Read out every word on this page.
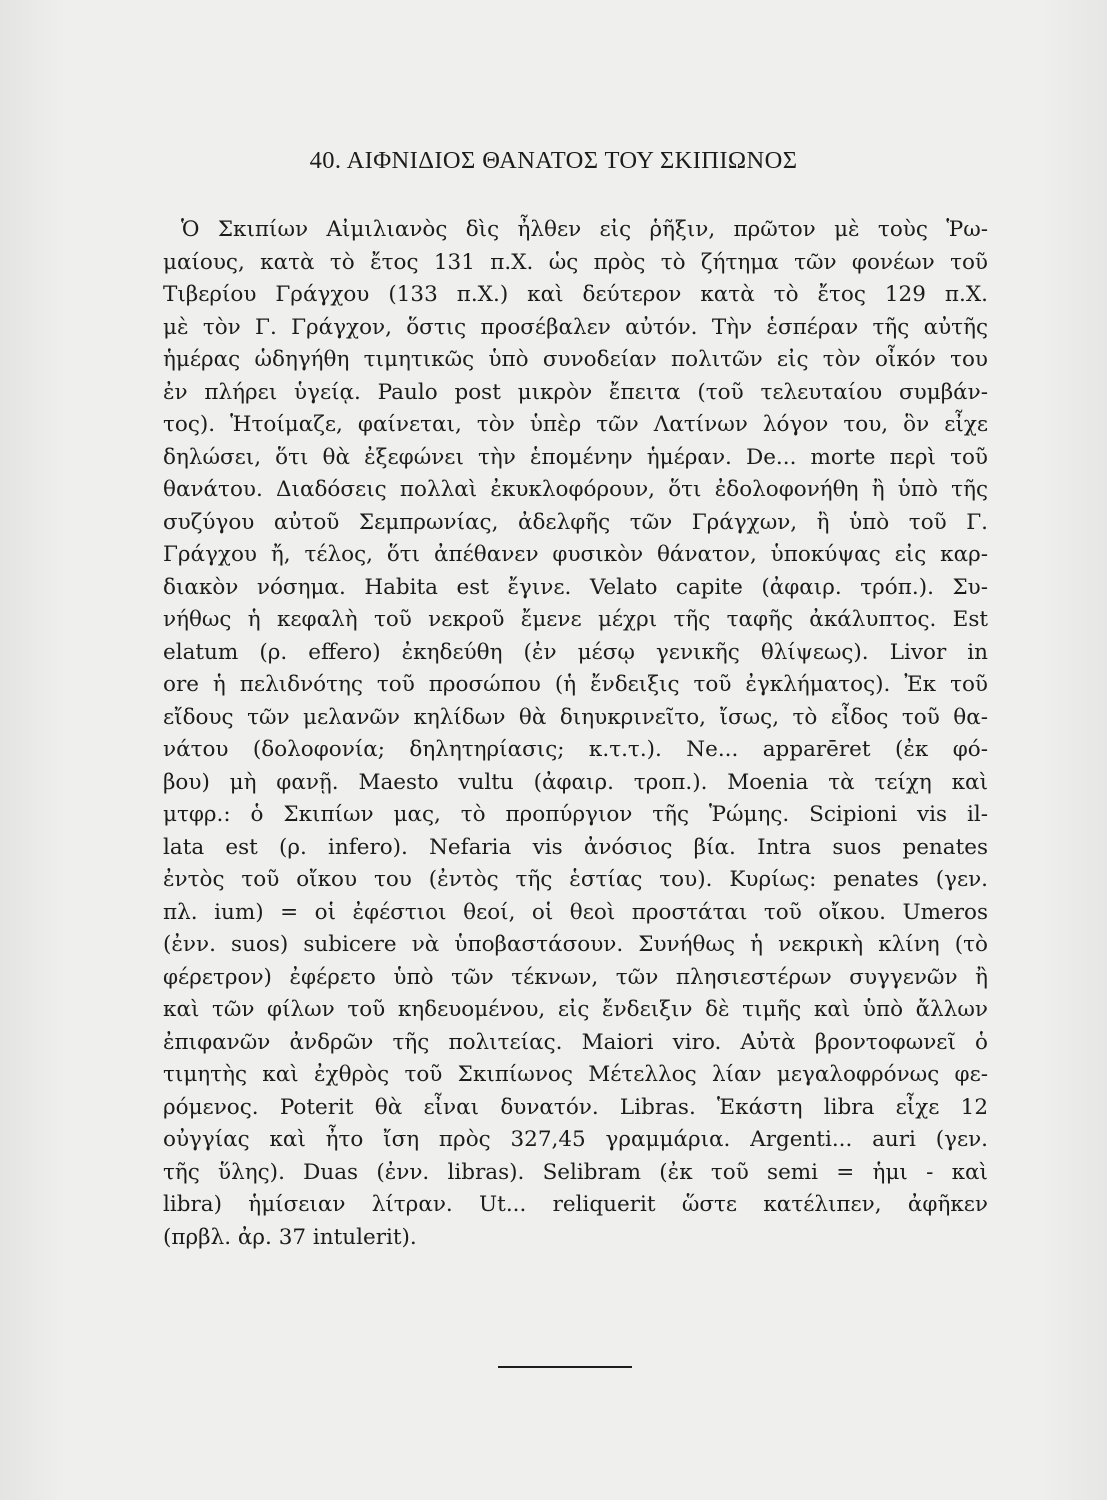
40. ΑΙΦΝΙΔΙΟΣ ΘΑΝΑΤΟΣ ΤΟΥ ΣΚΙΠΙΩΝΟΣ
Ὁ Σκιπίων Αἰμιλιανὸς δὶς ἦλθεν εἰς ῥῆξιν, πρῶτον μὲ τοὺς Ῥω-
μαίους, κατὰ τὸ ἔτος 131 π.Χ. ὡς πρὸς τὸ ζήτημα τῶν φονέων τοῦ
Τιβερίου Γράγχου (133 π.Χ.) καὶ δεύτερον κατὰ τὸ ἔτος 129 π.Χ.
μὲ τὸν Γ. Γράγχον, ὅστις προσέβαλεν αὐτόν. Τὴν ἑσπέραν τῆς αὐτῆς
ἡμέρας ὡδηγήθη τιμητικῶς ὑπὸ συνοδείαν πολιτῶν εἰς τὸν οἶκόν του
ἐν πλήρει ὑγείᾳ. Paulo post μικρὸν ἔπειτα (τοῦ τελευταίου συμβάν-
τος). Ἡτοίμαζε, φαίνεται, τὸν ὑπὲρ τῶν Λατίνων λόγον του, ὃν εἶχε
δηλώσει, ὅτι θὰ ἐξεφώνει τὴν ἑπομένην ἡμέραν. De... morte περὶ τοῦ
θανάτου. Διαδόσεις πολλαὶ ἐκυκλοφόρουν, ὅτι ἐδολοφονήθη ἢ ὑπὸ τῆς
συζύγου αὐτοῦ Σεμπρωνίας, ἀδελφῆς τῶν Γράγχων, ἢ ὑπὸ τοῦ Γ.
Γράγχου ἤ, τέλος, ὅτι ἀπέθανεν φυσικὸν θάνατον, ὑποκύψας εἰς καρ-
διακὸν νόσημα. Habita est ἔγινε. Velato capite (ἀφαιρ. τρόπ.). Συ-
νήθως ἡ κεφαλὴ τοῦ νεκροῦ ἔμενε μέχρι τῆς ταφῆς ἀκάλυπτος. Est
elatum (ρ. effero) ἐκηδεύθη (ἐν μέσῳ γενικῆς θλίψεως). Livor in
ore ἡ πελιδνότης τοῦ προσώπου (ἡ ἔνδειξις τοῦ ἐγκλήματος). Ἐκ τοῦ
εἴδους τῶν μελανῶν κηλίδων θὰ διηυκρινεῖτο, ἴσως, τὸ εἶδος τοῦ θα-
νάτου (δολοφονία; δηλητηρίασις; κ.τ.τ.). Ne... apparēret (ἐκ φό-
βου) μὴ φανῇ. Maesto vultu (ἀφαιρ. τροπ.). Moenia τὰ τείχη καὶ
μτφρ.: ὁ Σκιπίων μας, τὸ προπύργιον τῆς Ῥώμης. Scipioni vis il-
lata est (ρ. infero). Nefaria vis ἀνόσιος βία. Intra suos penates
ἐντὸς τοῦ οἴκου του (ἐντὸς τῆς ἑστίας του). Κυρίως: penates (γεν.
πλ. ium) = οἱ ἐφέστιοι θεοί, οἱ θεοὶ προστάται τοῦ οἴκου. Umeros
(ἐνν. suos) subicere νὰ ὑποβαστάσουν. Συνήθως ἡ νεκρικὴ κλίνη (τὸ
φέρετρον) ἐφέρετο ὑπὸ τῶν τέκνων, τῶν πλησιεστέρων συγγενῶν ἢ
καὶ τῶν φίλων τοῦ κηδευομένου, εἰς ἔνδειξιν δὲ τιμῆς καὶ ὑπὸ ἄλλων
ἐπιφανῶν ἀνδρῶν τῆς πολιτείας. Maiori viro. Αὐτὰ βροντοφωνεῖ ὁ
τιμητὴς καὶ ἐχθρὸς τοῦ Σκιπίωνος Μέτελλος λίαν μεγαλοφρόνως φε-
ρόμενος. Poterit θὰ εἶναι δυνατόν. Libras. Ἑκάστη libra εἶχε 12
οὐγγίας καὶ ἦτο ἴση πρὸς 327,45 γραμμάρια. Argenti... auri (γεν.
τῆς ὕλης). Duas (ἐνν. libras). Selibram (ἐκ τοῦ semi = ἡμι - καὶ
libra) ἡμίσειαν λίτραν. Ut... reliquerit ὥστε κατέλιπεν, ἀφῆκεν
(πρβλ. ἀρ. 37 intulerit).
